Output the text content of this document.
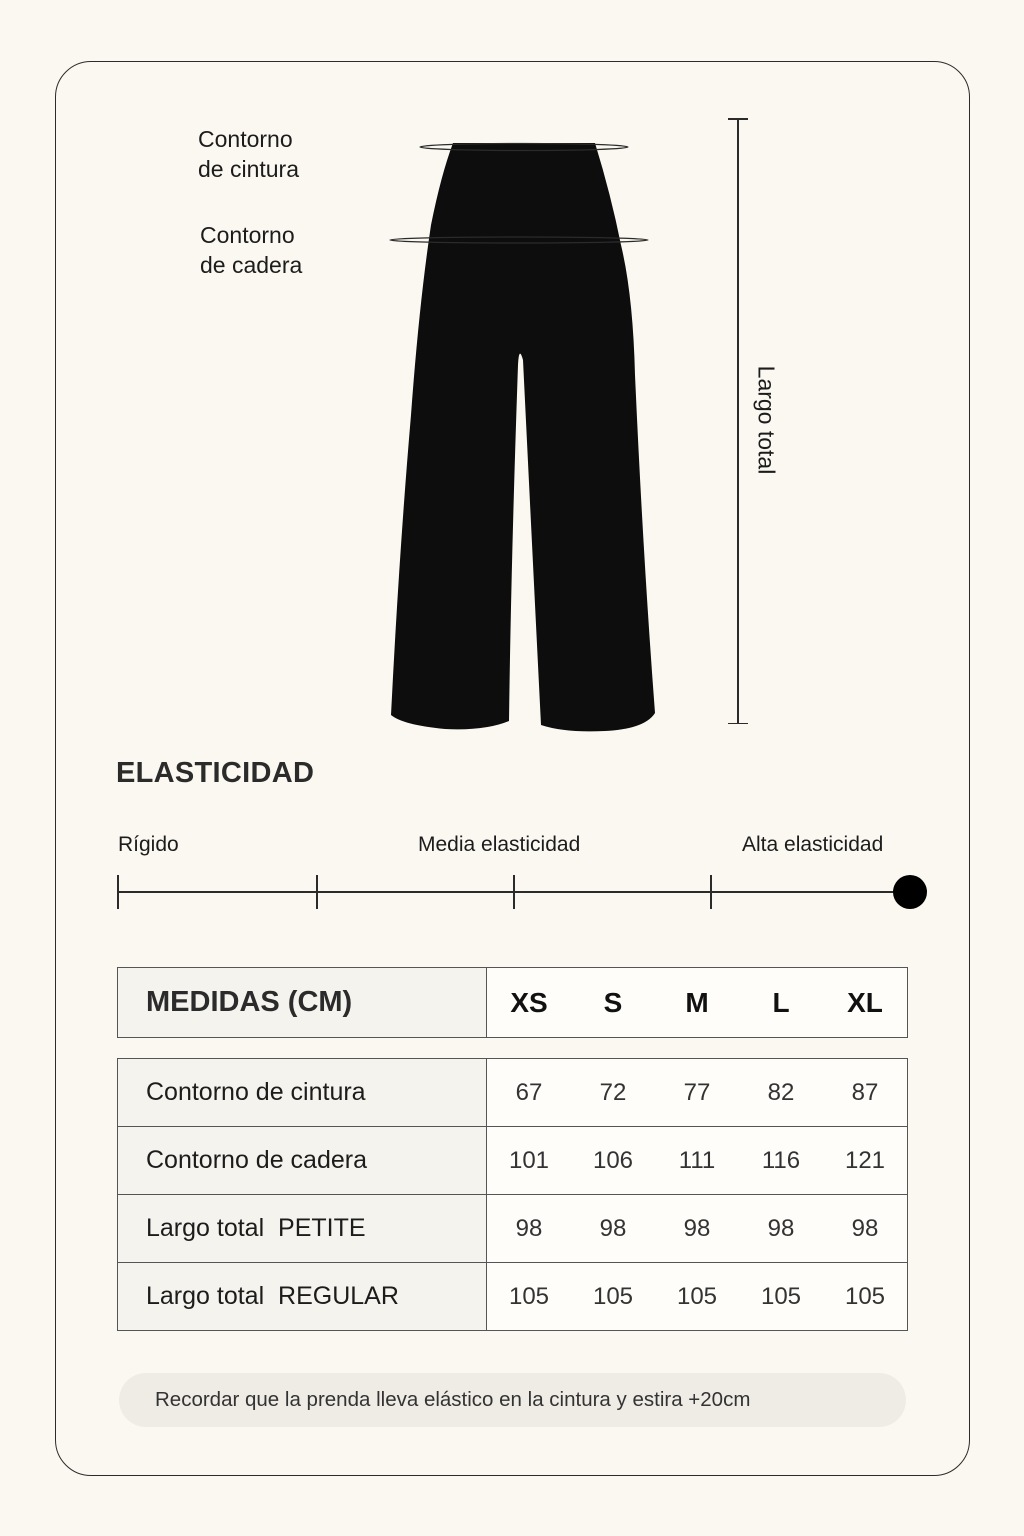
Contorno
de cintura
Contorno
de cadera
Largo total
ELASTICIDAD
Rígido	Media elasticidad	Alta elasticidad
MEDIDAS (CM)	XS	S	M	L	XL
Contorno de cintura	67 72 77 82 87

Contorno de cadera	101 106 111 116 121

Largo total  PETITE	98 98 98 98 98

Largo total  REGULAR	105 105 105 105 105
Recordar que la prenda lleva elástico en la cintura y estira +20cm
